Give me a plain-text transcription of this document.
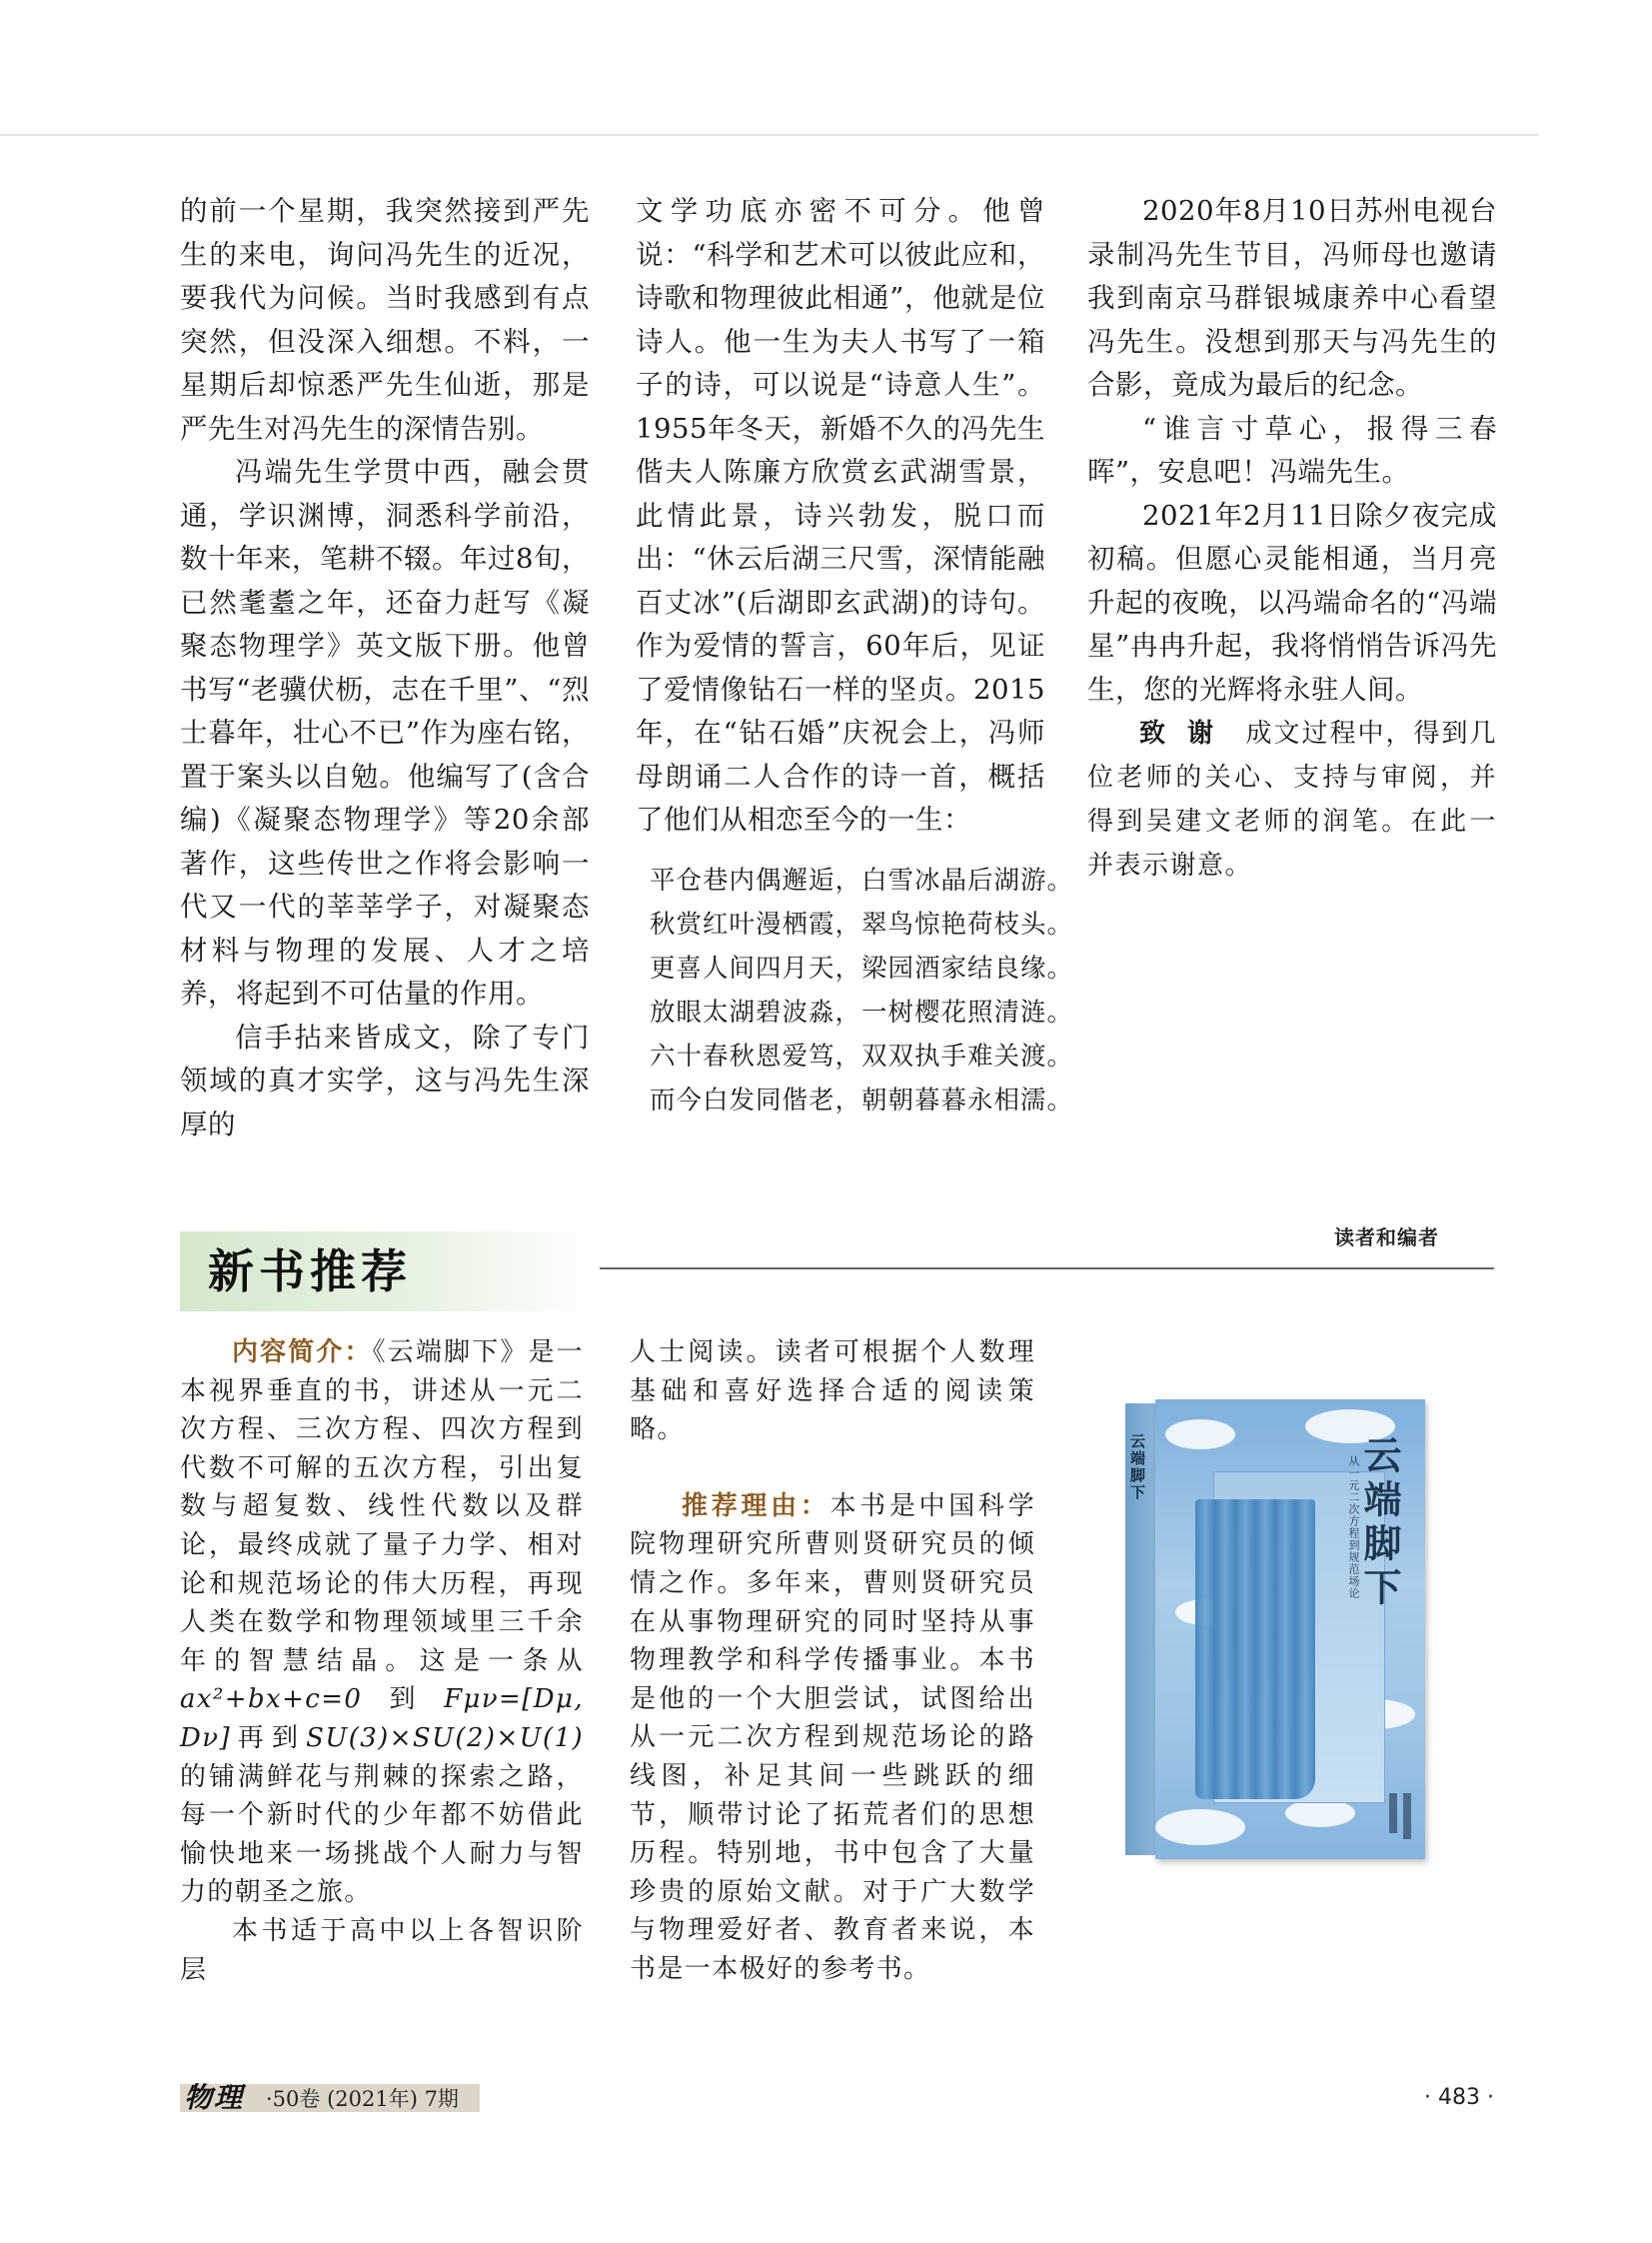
的前一个星期，我突然接到严先生的来电，询问冯先生的近况，要我代为问候。当时我感到有点突然，但没深入细想。不料，一星期后却惊悉严先生仙逝，那是严先生对冯先生的深情告别。

冯端先生学贯中西，融会贯通，学识渊博，洞悉科学前沿，数十年来，笔耕不辍。年过8旬，已然耄耋之年，还奋力赶写《凝聚态物理学》英文版下册。他曾书写“老骥伏枥，志在千里”、“烈士暮年，壮心不已”作为座右铭，置于案头以自勉。他编写了(含合编)《凝聚态物理学》等20余部著作，这些传世之作将会影响一代又一代的莘莘学子，对凝聚态材料与物理的发展、人才之培养，将起到不可估量的作用。

信手拈来皆成文，除了专门领域的真才实学，这与冯先生深厚的

文学功底亦密不可分。他曾说：“科学和艺术可以彼此应和，诗歌和物理彼此相通”，他就是位诗人。他一生为夫人书写了一箱子的诗，可以说是“诗意人生”。1955年冬天，新婚不久的冯先生偕夫人陈廉方欣赏玄武湖雪景，此情此景，诗兴勃发，脱口而出：“休云后湖三尺雪，深情能融百丈冰”(后湖即玄武湖)的诗句。作为爱情的誓言，60年后，见证了爱情像钻石一样的坚贞。2015年，在“钻石婚”庆祝会上，冯师母朗诵二人合作的诗一首，概括了他们从相恋至今的一生：

平仓巷内偶邂逅，白雪冰晶后湖游。
秋赏红叶漫栖霞，翠鸟惊艳荷枝头。
更喜人间四月天，梁园酒家结良缘。
放眼太湖碧波淼，一树樱花照清涟。
六十春秋恩爱笃，双双执手难关渡。
而今白发同偕老，朝朝暮暮永相濡。

2020年8月10日苏州电视台录制冯先生节目，冯师母也邀请我到南京马群银城康养中心看望冯先生。没想到那天与冯先生的合影，竟成为最后的纪念。

“谁言寸草心，报得三春晖”，安息吧！冯端先生。

2021年2月11日除夕夜完成初稿。但愿心灵能相通，当月亮升起的夜晚，以冯端命名的“冯端星”冉冉升起，我将悄悄告诉冯先生，您的光辉将永驻人间。

致 谢 成文过程中，得到几位老师的关心、支持与审阅，并得到吴建文老师的润笔。在此一并表示谢意。

新书推荐
读者和编者

内容简介：《云端脚下》是一本视界垂直的书，讲述从一元二次方程、三次方程、四次方程到代数不可解的五次方程，引出复数与超复数、线性代数以及群论，最终成就了量子力学、相对论和规范场论的伟大历程，再现人类在数学和物理领域里三千余年的智慧结晶。这是一条从ax²+bx+c=0到Fμν=[Dμ, Dν]再到SU(3)×SU(2)×U(1)的铺满鲜花与荆棘的探索之路，每一个新时代的少年都不妨借此愉快地来一场挑战个人耐力与智力的朝圣之旅。

本书适于高中以上各智识阶层

人士阅读。读者可根据个人数理基础和喜好选择合适的阅读策略。

推荐理由：本书是中国科学院物理研究所曹则贤研究员的倾情之作。多年来，曹则贤研究员在从事物理研究的同时坚持从事物理教学和科学传播事业。本书是他的一个大胆尝试，试图给出从一元二次方程到规范场论的路线图，补足其间一些跳跃的细节，顺带讨论了拓荒者们的思想历程。特别地，书中包含了大量珍贵的原始文献。对于广大数学与物理爱好者、教育者来说，本书是一本极好的参考书。

云端脚下	云端脚下
从一元二次方程到规范场论
物理 ·50卷 (2021年) 7期	· 483 ·
